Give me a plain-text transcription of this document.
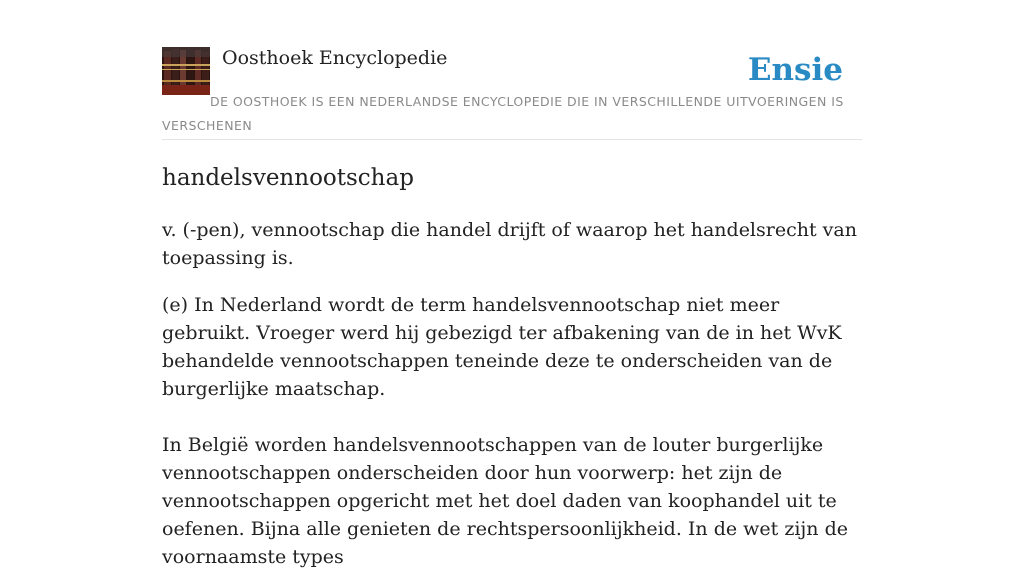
Oosthoek Encyclopedie	Ensie
DE OOSTHOEK IS EEN NEDERLANDSE ENCYCLOPEDIE DIE IN VERSCHILLENDE UITVOERINGEN IS VERSCHENEN
handelsvennootschap

v. (-pen), vennootschap die handel drijft of waarop het handelsrecht van toepassing is.

(e) In Nederland wordt de term handelsvennootschap niet meer gebruikt. Vroeger werd hij gebezigd ter afbakening van de in het WvK behandelde vennootschappen teneinde deze te onderscheiden van de burgerlijke maatschap.

In België worden handelsvennootschappen van de louter burgerlijke vennootschappen onderscheiden door hun voorwerp: het zijn de vennootschappen opgericht met het doel daden van koophandel uit te oefenen. Bijna alle genieten de rechtspersoonlijkheid. In de wet zijn de voornaamste types
